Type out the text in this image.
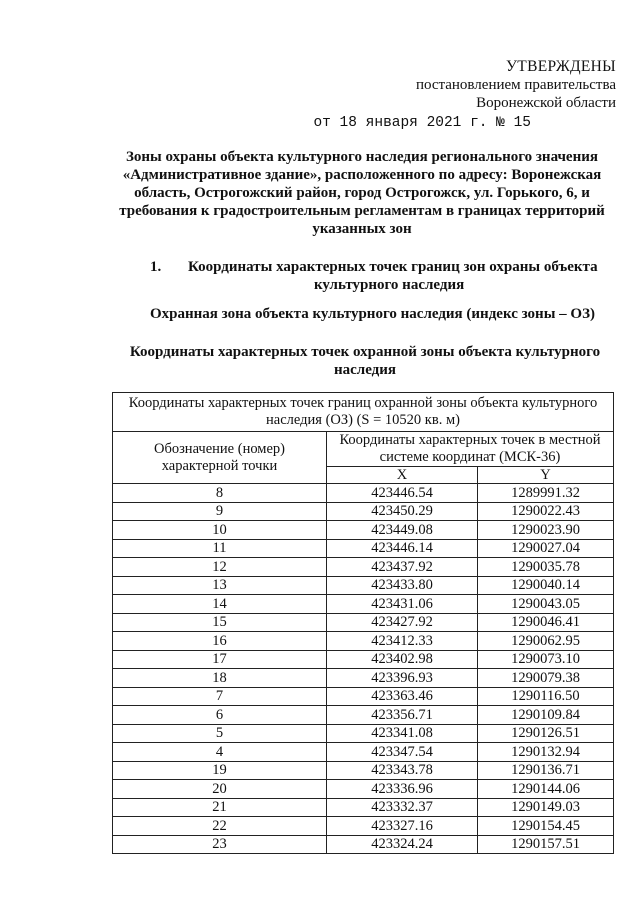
УТВЕРЖДЕНЫ
постановлением правительства
Воронежской области
от 18 января 2021 г. № 15
Зоны охраны объекта культурного наследия регионального значения «Административное здание», расположенного по адресу: Воронежская область, Острогожский район, город Острогожск, ул. Горького, 6, и требования к градостроительным регламентам в границах территорий указанных зон
1. Координаты характерных точек границ зон охраны объекта
культурного наследия
Охранная зона объекта культурного наследия (индекс зоны – ОЗ)
Координаты характерных точек охранной зоны объекта культурного наследия
Координаты характерных точек границ охранной зоны объекта культурного наследия (ОЗ) (S = 10520 кв. м)		
Обозначение (номер) характерной точки	Координаты характерных точек в местной системе координат (МСК-36)	
	X	Y
8	423446.54	1289991.32
9	423450.29	1290022.43
10	423449.08	1290023.90
11	423446.14	1290027.04
12	423437.92	1290035.78
13	423433.80	1290040.14
14	423431.06	1290043.05
15	423427.92	1290046.41
16	423412.33	1290062.95
17	423402.98	1290073.10
18	423396.93	1290079.38
7	423363.46	1290116.50
6	423356.71	1290109.84
5	423341.08	1290126.51
4	423347.54	1290132.94
19	423343.78	1290136.71
20	423336.96	1290144.06
21	423332.37	1290149.03
22	423327.16	1290154.45
23	423324.24	1290157.51
